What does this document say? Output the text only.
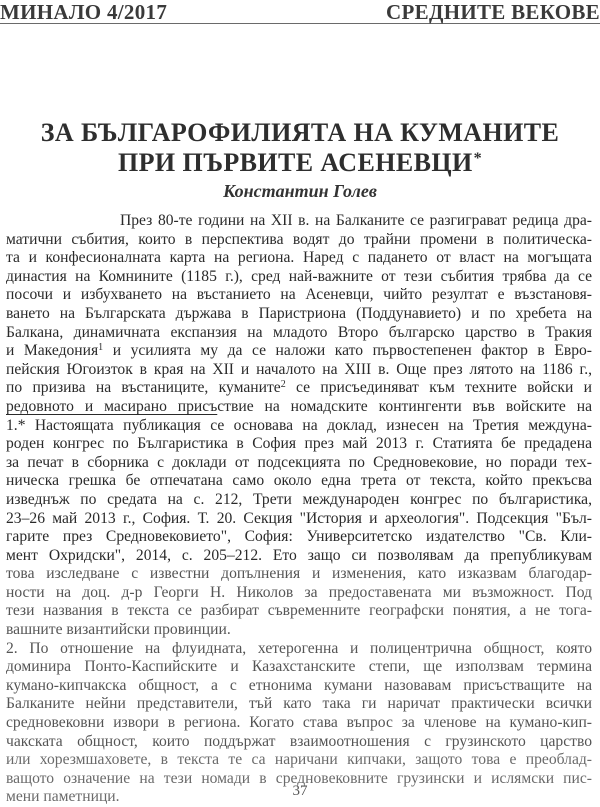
МИНАЛО 4/2017	СРЕДНИТЕ ВЕКОВЕ
ЗА БЪЛГАРОФИЛИЯТА НА КУМАНИТЕ
ПРИ ПЪРВИТЕ АСЕНЕВЦИ*
Константин Голев
През 80-те години на XII в. на Балканите се разгиграват редица дра-
матични събития, които в перспектива водят до трайни промени в политическа-
та и конфесионалната карта на региона. Наред с падането от власт на могъщата
династия на Комнините (1185 г.), сред най-важните от тези събития трябва да се
посочи и избухването на въстанието на Асеневци, чийто резултат е възстановя-
ването на Българската държава в Паристриона (Поддунавието) и по хребета на
Балкана, динамичната експанзия на младото Второ българско царство в Тракия
и Македония$^1$ и усилията му да се наложи като първостепенен фактор в Евро-
пейския Югоизток в края на XII и началото на XIII в. Още през лятото на 1186 г.,
по призива на въстаниците, куманите$^2$ се присъединяват към техните войски и
редовното и масирано присъствие на номадските контингенти във войските на
1.* Настоящата публикация се основава на доклад, изнесен на Третия междуна-
роден конгрес по Българистика в София през май 2013 г. Статията бе предадена
за печат в сборника с доклади от подсекцията по Средновековие, но поради тех-
ническа грешка бе отпечатана само около една трета от текста, който прекъсва
изведнъж по средата на с. 212, Трети международен конгрес по българистика,
23–26 май 2013 г., София. Т. 20. Секция "История и археология". Подсекция "Бъл-
гарите през Средновековието", София: Университетско издателство "Св. Кли-
мент Охридски", 2014, с. 205–212. Ето защо си позволявам да препубликувам
това изследване с известни допълнения и изменения, като изказвам благодар-
ности на доц. д-р Георги Н. Николов за предоставената ми възможност. Под
тези названия в текста се разбират съвременните географски понятия, а не тога-
вашните византийски провинции.
2. По отношение на флуидната, хетерогенна и полицентрична общност, която
доминира Понто-Каспийските и Казахстанските степи, ще използвам термина
кумано-кипчакска общност, а с етнонима кумани назовавам присъстващите на
Балканите нейни представители, тъй като така ги наричат практически всички
средновековни извори в региона. Когато става въпрос за членове на кумано-кип-
чакската общност, които поддържат взаимоотношения с грузинското царство
или хорезмшаховете, в текста те са наричани кипчаки, защото това е преоблад-
ващото означение на тези номади в средновековните грузински и ислямски пис-
мени паметници.	37
